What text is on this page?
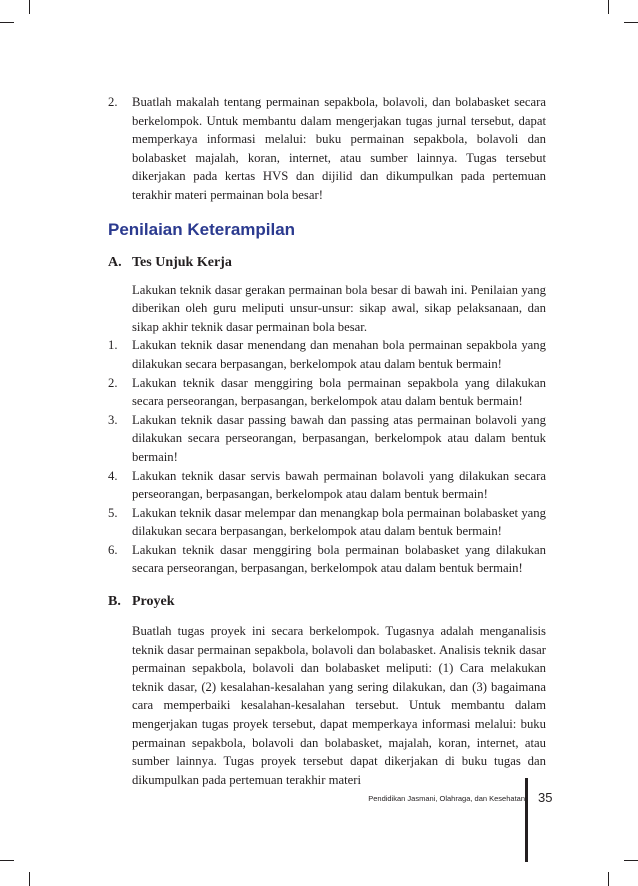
2. Buatlah makalah tentang permainan sepakbola, bolavoli, dan bolabasket secara berkelompok. Untuk membantu dalam mengerjakan tugas jurnal tersebut, dapat memperkaya informasi melalui: buku permainan sepakbola, bolavoli dan bolabasket majalah, koran, internet, atau sumber lainnya. Tugas tersebut dikerjakan pada kertas HVS dan dijilid dan dikumpulkan pada pertemuan terakhir materi permainan bola besar!

Penilaian Keterampilan
A. Tes Unjuk Kerja

Lakukan teknik dasar gerakan permainan bola besar di bawah ini. Penilaian yang diberikan oleh guru meliputi unsur-unsur: sikap awal, sikap pelaksanaan, dan sikap akhir teknik dasar permainan bola besar.

1. Lakukan teknik dasar menendang dan menahan bola permainan sepakbola yang dilakukan secara berpasangan, berkelompok atau dalam bentuk bermain!

2. Lakukan teknik dasar menggiring bola permainan sepakbola yang dilakukan secara perseorangan, berpasangan, berkelompok atau dalam bentuk bermain!

3. Lakukan teknik dasar passing bawah dan passing atas permainan bolavoli yang dilakukan secara perseorangan, berpasangan, berkelompok atau dalam bentuk bermain!

4. Lakukan teknik dasar servis bawah permainan bolavoli yang dilakukan secara perseorangan, berpasangan, berkelompok atau dalam bentuk bermain!

5. Lakukan teknik dasar melempar dan menangkap bola permainan bolabasket yang dilakukan secara berpasangan, berkelompok atau dalam bentuk bermain!

6. Lakukan teknik dasar menggiring bola permainan bolabasket yang dilakukan secara perseorangan, berpasangan, berkelompok atau dalam bentuk bermain!

B. Proyek

Buatlah tugas proyek ini secara berkelompok. Tugasnya adalah menganalisis teknik dasar permainan sepakbola, bolavoli dan bolabasket. Analisis teknik dasar permainan sepakbola, bolavoli dan bolabasket meliputi: (1) Cara melakukan teknik dasar, (2) kesalahan-kesalahan yang sering dilakukan, dan (3) bagaimana cara memperbaiki kesalahan-kesalahan tersebut. Untuk membantu dalam mengerjakan tugas proyek tersebut, dapat memperkaya informasi melalui: buku permainan sepakbola, bolavoli dan bolabasket, majalah, koran, internet, atau sumber lainnya. Tugas proyek tersebut dapat dikerjakan di buku tugas dan dikumpulkan pada pertemuan terakhir materi

Pendidikan Jasmani, Olahraga, dan Kesehatan 35
